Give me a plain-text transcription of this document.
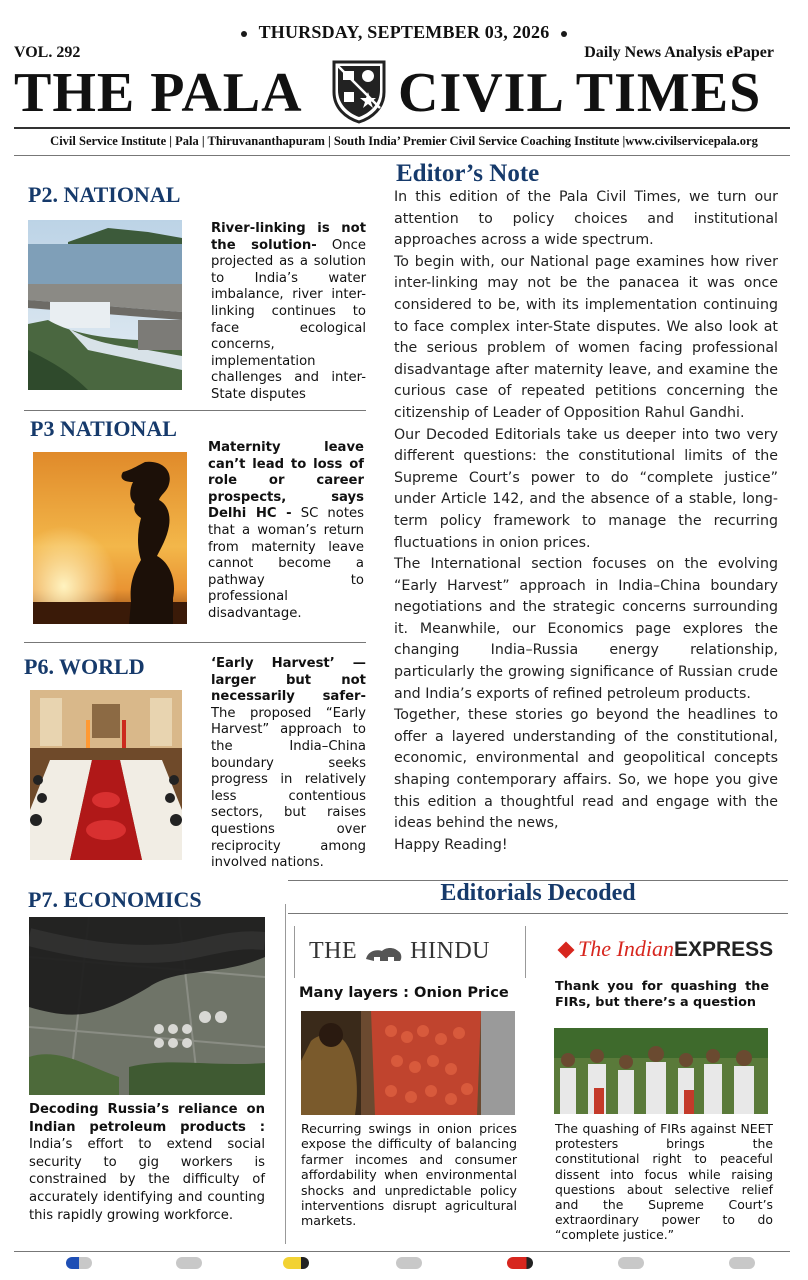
THURSDAY, SEPTEMBER 03, 2026
VOL. 292	Daily News Analysis ePaper
THE PALA CIVIL TIMES
Civil Service Institute | Pala | Thiruvananthapuram | South India’ Premier Civil Service Coaching Institute |www.civilservicepala.org
P2. NATIONAL
River-linking is not the solution- Once projected as a solution to India’s water imbalance, river inter-linking continues to face ecological concerns, implementation challenges and inter-State disputes
P3 NATIONAL
Maternity leave can’t lead to loss of role or career prospects, says Delhi HC - SC notes that a woman’s return from maternity leave cannot become a pathway to professional disadvantage.
P6. WORLD	‘Early Harvest’ — larger but not necessarily safer- The proposed “Early Harvest” approach to the India–China boundary seeks progress in relatively less contentious sectors, but raises questions over reciprocity among involved nations.
Editor’s Note

In this edition of the Pala Civil Times, we turn our attention to policy choices and institutional approaches across a wide spectrum.

To begin with, our National page examines how river inter-linking may not be the panacea it was once considered to be, with its implementation continuing to face complex inter-State disputes. We also look at the serious problem of women facing professional disadvantage after maternity leave, and examine the curious case of repeated petitions concerning the citizenship of Leader of Opposition Rahul Gandhi.

Our Decoded Editorials take us deeper into two very different questions: the constitutional limits of the Supreme Court’s power to do “complete justice” under Article 142, and the absence of a stable, long-term policy framework to manage the recurring fluctuations in onion prices.

The International section focuses on the evolving “Early Harvest” approach in India–China boundary negotiations and the strategic concerns surrounding it. Meanwhile, our Economics page explores the changing India–Russia energy relationship, particularly the growing significance of Russian crude and India’s exports of refined petroleum products.

Together, these stories go beyond the headlines to offer a layered understanding of the constitutional, economic, environmental and geopolitical concepts shaping contemporary affairs. So, we hope you give this edition a thoughtful read and engage with the ideas behind the news,

Happy Reading!

P7. ECONOMICS
Decoding Russia’s reliance on Indian petroleum products : India’s effort to extend social security to gig workers is constrained by the difficulty of accurately identifying and counting this rapidly growing workforce.
Editorials Decoded
THE HINDU
Many layers : Onion Price
Recurring swings in onion prices expose the difficulty of balancing farmer incomes and consumer affordability when environmental shocks and unpredictable policy interventions disrupt agricultural markets.
The IndianEXPRESS
Thank you for quashing the FIRs, but there’s a question
The quashing of FIRs against NEET protesters brings the constitutional right to peaceful dissent into focus while raising questions about selective relief and the Supreme Court’s extraordinary power to do “complete justice.”
